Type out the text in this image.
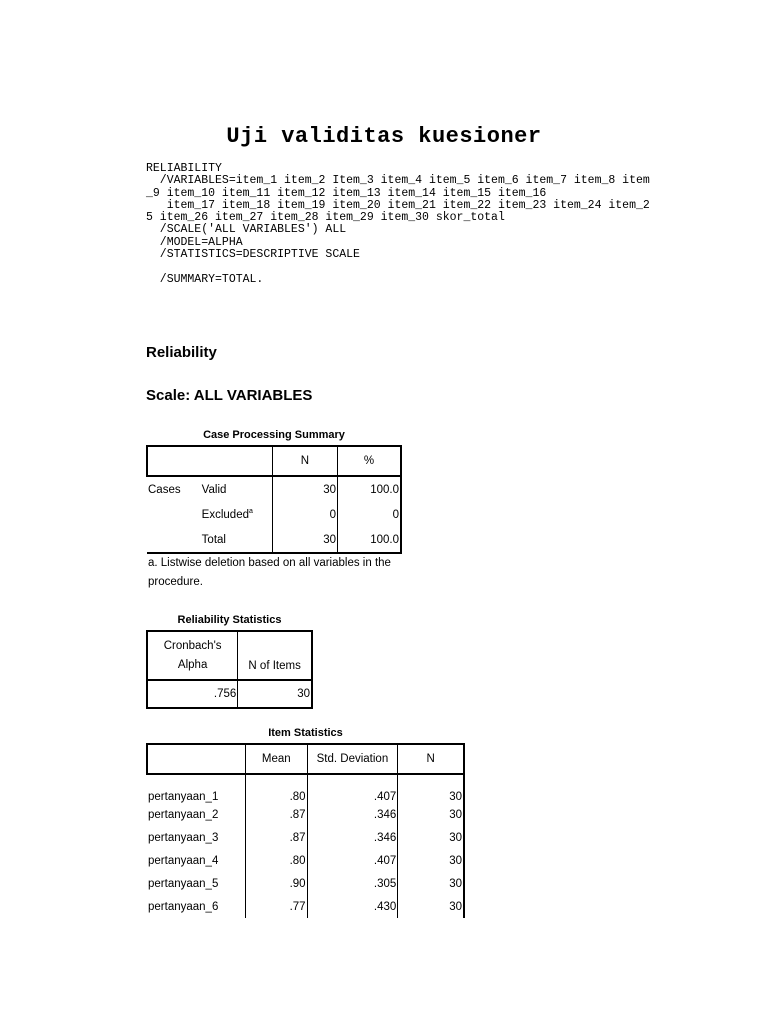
Uji validitas kuesioner
RELIABILITY
/VARIABLES=item_1 item_2 Item_3 item_4 item_5 item_6 item_7 item_8 item
_9 item_10 item_11 item_12 item_13 item_14 item_15 item_16
item_17 item_18 item_19 item_20 item_21 item_22 item_23 item_24 item_2
5 item_26 item_27 item_28 item_29 item_30 skor_total
/SCALE('ALL VARIABLES') ALL
/MODEL=ALPHA
/STATISTICS=DESCRIPTIVE SCALE
/SUMMARY=TOTAL.
Reliability
Scale: ALL VARIABLES
Case Processing Summary
		N	%
Cases	Valid	30	100.0
	Excluded$^a$	0	0
	Total	30	100.0
a. Listwise deletion based on all variables in the procedure.
Reliability Statistics
Cronbach's
Alpha	N of Items
.756	30
Item Statistics
	Mean	Std. Deviation	N
pertanyaan_1	.80	.407	30
pertanyaan_2	.87	.346	30
pertanyaan_3	.87	.346	30
pertanyaan_4	.80	.407	30
pertanyaan_5	.90	.305	30
pertanyaan_6	.77	.430	30
